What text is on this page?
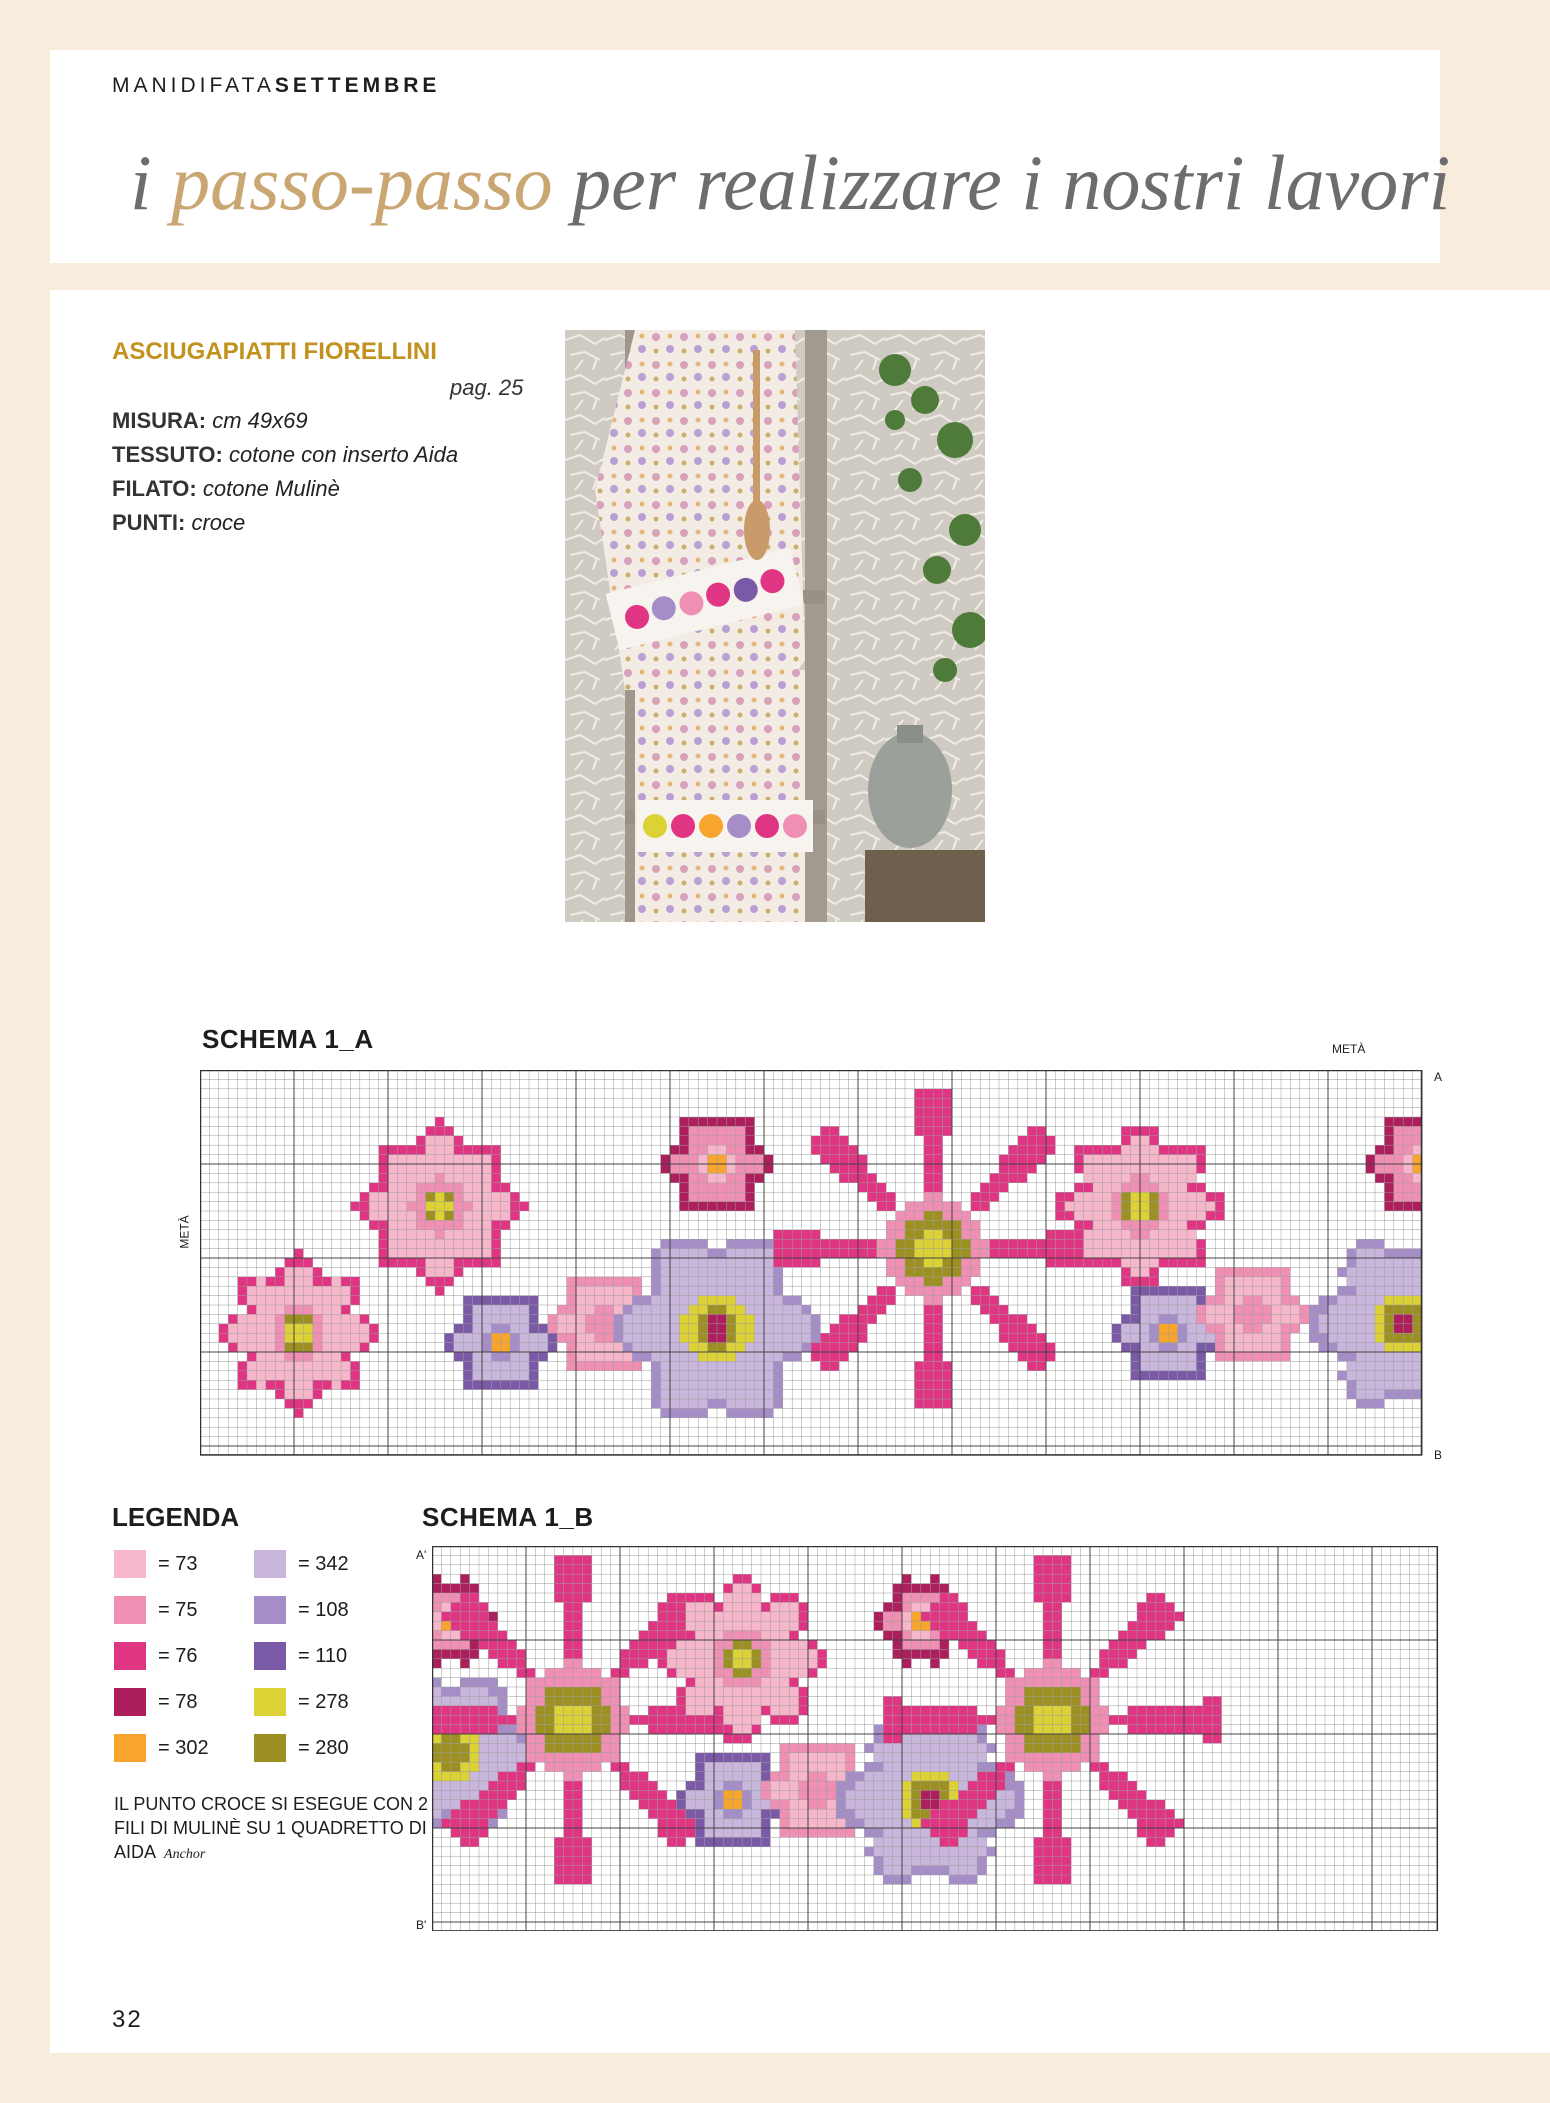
MANIDIFATASETTEMBRE
i passo-passo per realizzare i nostri lavori
ASCIUGAPIATTI FIORELLINI
pag. 25
MISURA: cm 49x69
TESSUTO: cotone con inserto Aida
FILATO: cotone Mulinè
PUNTI: croce
SCHEMA 1_A	METÀ
A
B
METÀ
LEGENDA
= 73
= 75
= 76
= 78
= 302
= 342
= 108
= 110
= 278
= 280
IL PUNTO CROCE SI ESEGUE CON 2 FILI DI MULINÈ SU 1 QUADRETTO DI AIDA Anchor
SCHEMA 1_B
A'
B'
32
